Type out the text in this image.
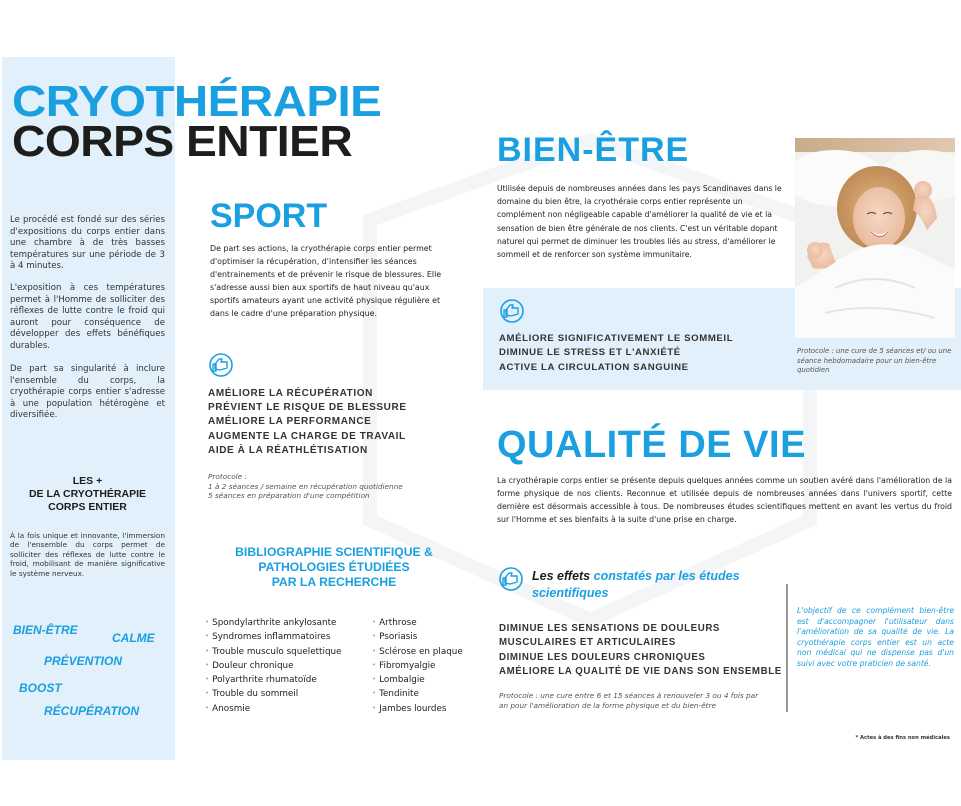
CRYOTHÉRAPIE
CORPS ENTIER
Le procédé est fondé sur des séries d'expositions du corps entier dans une chambre à de très basses températures sur une période de 3 à 4 minutes.
L'exposition à ces températures permet à l'Homme de solliciter des réflexes de lutte contre le froid qui auront pour conséquence de développer des effets bénéfiques durables.
De part sa singularité à inclure l'ensemble du corps, la cryothérapie corps entier s'adresse à une population hétérogène et diversifiée.
LES +
DE LA CRYOTHÉRAPIE
CORPS ENTIER
À la fois unique et innovante, l'immersion de l'ensemble du corps permet de solliciter des réflexes de lutte contre le froid, mobilisant de manière significative le système nerveux.
BIEN-ÊTRE
CALME
PRÉVENTION
BOOST
RÉCUPÉRATION
SPORT
De part ses actions, la cryothérapie corps entier permet d'optimiser la récupération, d'intensifier les séances d'entrainements et de prévenir le risque de blessures. Elle s'adresse aussi bien aux sportifs de haut niveau qu'aux sportifs amateurs ayant une activité physique régulière et dans le cadre d'une préparation physique.
AMÉLIORE LA RÉCUPÉRATION
PRÉVIENT LE RISQUE DE BLESSURE
AMÉLIORE LA PERFORMANCE
AUGMENTE LA CHARGE DE TRAVAIL
AIDE À LA RÉATHLÉTISATION
Protocole :
1 à 2 séances / semaine en récupération quotidienne
5 séances en préparation d'une compétition
BIBLIOGRAPHIE SCIENTIFIQUE &
PATHOLOGIES ÉTUDIÉES
PAR LA RECHERCHE
• Spondylarthrite ankylosante
• Syndromes inflammatoires
• Trouble musculo squelettique
• Douleur chronique
• Polyarthrite rhumatoïde
• Trouble du sommeil
• Anosmie
• Arthrose
• Psoriasis
• Sclérose en plaque
• Fibromyalgie
• Lombalgie
• Tendinite
• Jambes lourdes
BIEN-ÊTRE
Utilisée depuis de nombreuses années dans les pays Scandinaves dans le domaine du bien être, la cryothéraie corps entier représente un complément non négligeable capable d'améliorer la qualité de vie et la sensation de bien être générale de nos clients. C'est un véritable dopant naturel qui permet de diminuer les troubles liés au stress, d'améliorer le sommeil et de renforcer son système immunitaire.
AMÉLIORE SIGNIFICATIVEMENT LE SOMMEIL
DIMINUE LE STRESS ET L'ANXIÉTÉ
ACTIVE LA CIRCULATION SANGUINE
Protocole : une cure de 5 séances et/ ou une séance hebdomadaire pour un bien-être quotidien
QUALITÉ DE VIE
La cryothérapie corps entier se présente depuis quelques années comme un soutien avéré dans l'amélioration de la forme physique de nos clients. Reconnue et utilisée depuis de nombreuses années dans l'univers sportif, cette dernière est désormais accessible à tous. De nombreuses études scientifiques mettent en avant les vertus du froid sur l'Homme et ses bienfaits à la suite d'une prise en charge.
Les effets constatés par les études scientifiques
DIMINUE LES SENSATIONS DE DOULEURS
MUSCULAIRES ET ARTICULAIRES
DIMINUE LES DOULEURS CHRONIQUES
AMÉLIORE LA QUALITÉ DE VIE DANS SON ENSEMBLE
Protocole : une cure entre 6 et 15 séances à renouveler 3 ou 4 fois par an pour l'amélioration de la forme physique et du bien-être
L'objectif de ce complément bien-être est d'accompagner l'utilisateur dans l'amélioration de sa qualité de vie. La cryothérapie corps entier est un acte non médical qui ne dispense pas d'un suivi avec votre praticien de santé.
* Actes à des fins non médicales
